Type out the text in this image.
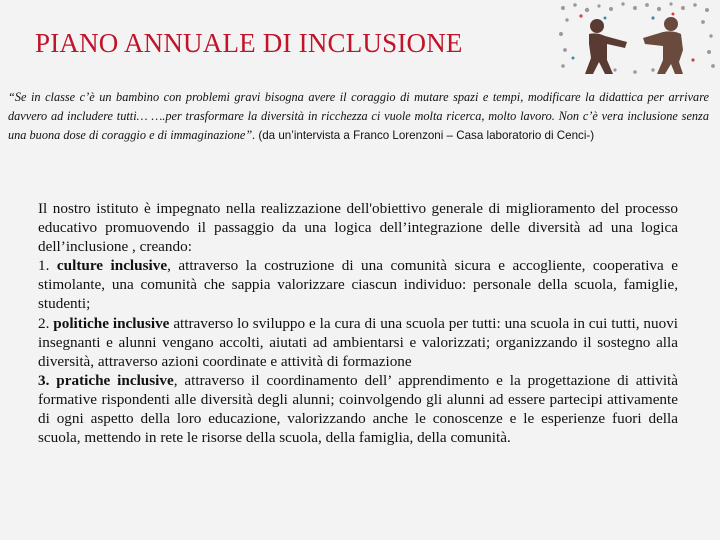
PIANO ANNUALE DI INCLUSIONE
“Se in classe c’è un bambino con problemi gravi bisogna avere il coraggio di mutare spazi e tempi, modificare la didattica per arrivare davvero ad includere tutti… ….per trasformare la diversità in ricchezza ci vuole molta ricerca, molto lavoro. Non c’è vera inclusione senza una buona dose di coraggio e di immaginazione”. (da un’intervista a Franco Lorenzoni – Casa laboratorio di Cenci-)

Il nostro istituto è impegnato nella realizzazione dell'obiettivo generale di miglioramento del processo educativo promuovendo il passaggio da una logica dell’integrazione delle diversità ad una logica dell’inclusione , creando:

1. culture inclusive, attraverso la costruzione di una comunità sicura e accogliente, cooperativa e stimolante, una comunità che sappia valorizzare ciascun individuo: personale della scuola, famiglie, studenti;

2. politiche inclusive attraverso lo sviluppo e la cura di una scuola per tutti: una scuola in cui tutti, nuovi insegnanti e alunni vengano accolti, aiutati ad ambientarsi e valorizzati; organizzando il sostegno alla diversità, attraverso azioni coordinate e attività di formazione

3. pratiche inclusive, attraverso il coordinamento dell’ apprendimento e la progettazione di attività formative rispondenti alle diversità degli alunni; coinvolgendo gli alunni ad essere partecipi attivamente di ogni aspetto della loro educazione, valorizzando anche le conoscenze e le esperienze fuori della scuola, mettendo in rete le risorse della scuola, della famiglia, della comunità.
